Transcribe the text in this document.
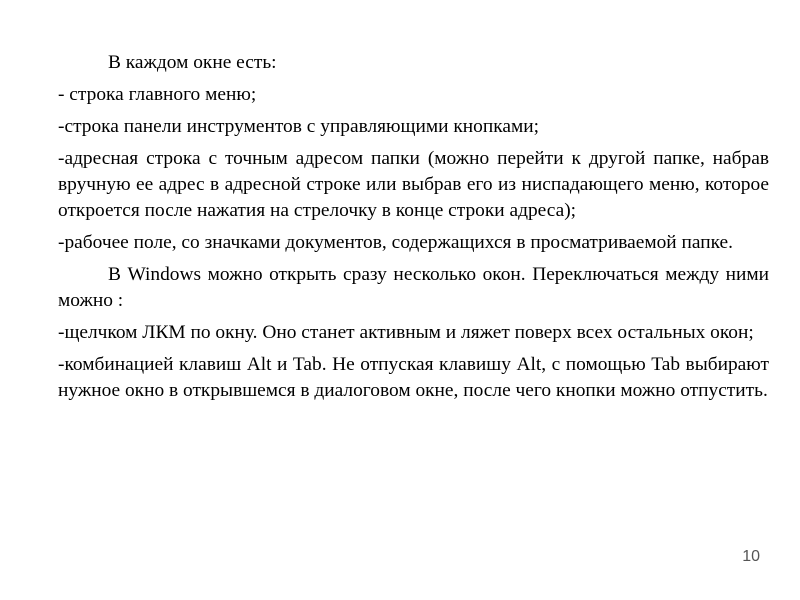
В каждом окне есть:

- строка главного меню;

-строка панели инструментов с управляющими кнопками;

-адресная строка с точным адресом папки (можно перейти к другой папке, набрав вручную ее адрес в адресной строке или выбрав его из ниспадающего меню, которое откроется после нажатия на стрелочку в конце строки адреса);

-рабочее поле, со значками документов, содержащихся в просматриваемой папке.

В Windows можно открыть сразу несколько окон. Переключаться между ними можно :

-щелчком ЛКМ по окну. Оно станет активным и ляжет поверх всех остальных окон;

-комбинацией клавиш Alt и Tab. Не отпуская клавишу Alt, с помощью Tab выбирают нужное окно в открывшемся в диалоговом окне, после чего кнопки можно отпустить.

10
